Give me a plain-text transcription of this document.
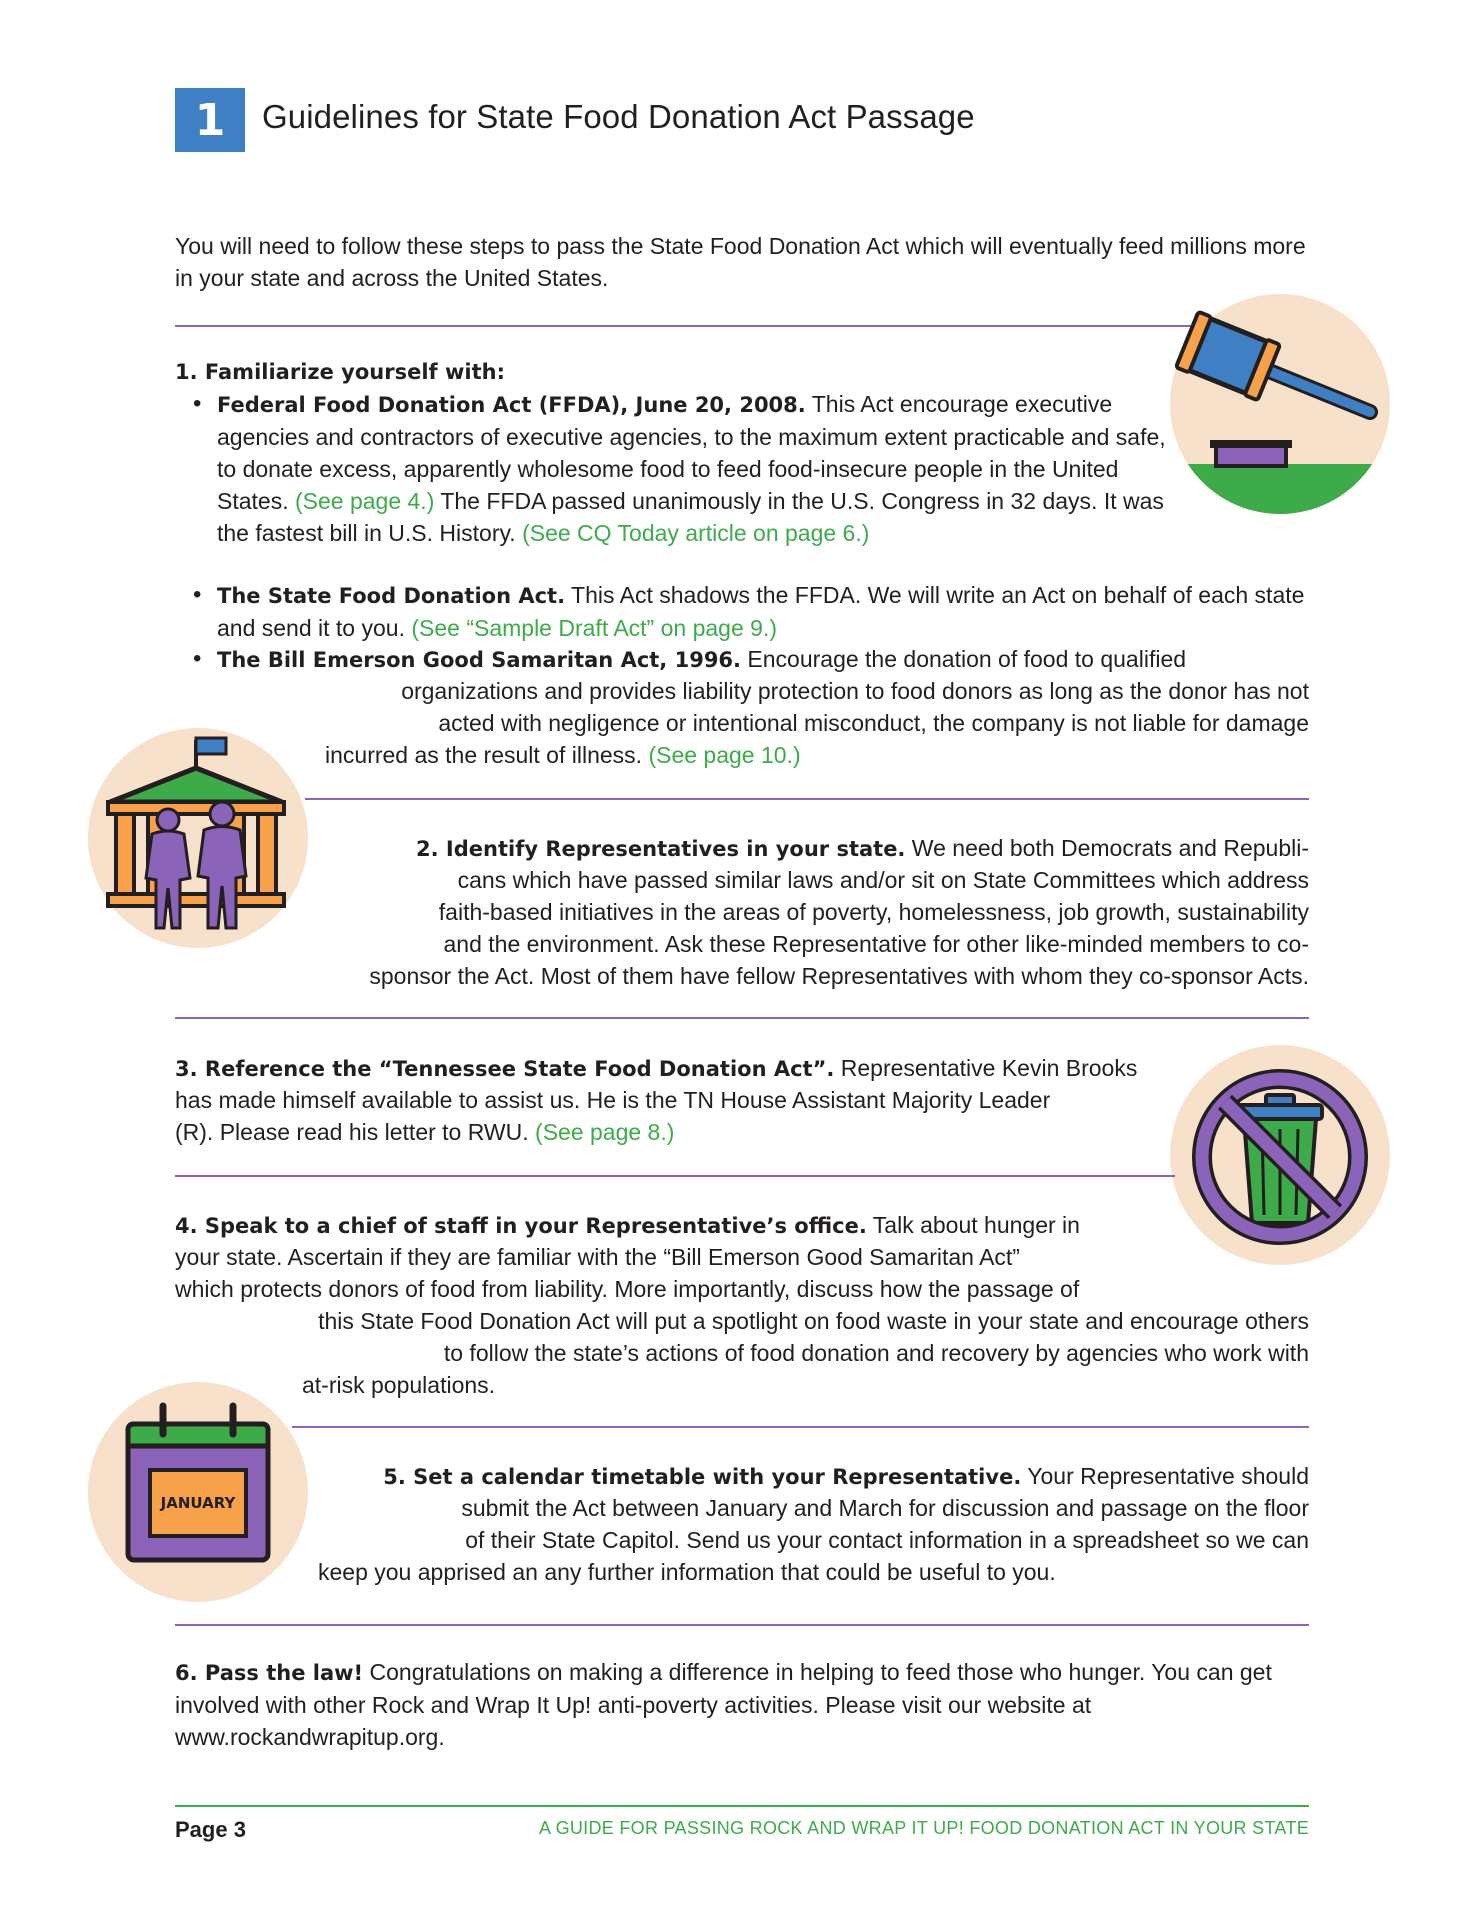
1	Guidelines for State Food Donation Act Passage
You will need to follow these steps to pass the State Food Donation Act which will eventually feed millions more in your state and across the United States.
1. Familiarize yourself with:
• Federal Food Donation Act (FFDA), June 20, 2008. This Act encourage executive agencies and contractors of executive agencies, to the maximum extent practicable and safe, to donate excess, apparently wholesome food to feed food-insecure people in the United States. (See page 4.) The FFDA passed unanimously in the U.S. Congress in 32 days. It was the fastest bill in U.S. History. (See CQ Today article on page 6.)
• The State Food Donation Act. This Act shadows the FFDA. We will write an Act on behalf of each state and send it to you. (See “Sample Draft Act” on page 9.)
• The Bill Emerson Good Samaritan Act, 1996. Encourage the donation of food to qualified
organizations and provides liability protection to food donors as long as the donor has not
acted with negligence or intentional misconduct, the company is not liable for damage
incurred as the result of illness. (See page 10.)
2. Identify Representatives in your state. We need both Democrats and Republi-
cans which have passed similar laws and/or sit on State Committees which address
faith-based initiatives in the areas of poverty, homelessness, job growth, sustainability
and the environment. Ask these Representative for other like-minded members to co-
sponsor the Act. Most of them have fellow Representatives with whom they co-sponsor Acts.
3. Reference the “Tennessee State Food Donation Act”. Representative Kevin Brooks
has made himself available to assist us. He is the TN House Assistant Majority Leader
(R). Please read his letter to RWU. (See page 8.)
4. Speak to a chief of staff in your Representative’s office. Talk about hunger in
your state. Ascertain if they are familiar with the “Bill Emerson Good Samaritan Act”
which protects donors of food from liability. More importantly, discuss how the passage of
this State Food Donation Act will put a spotlight on food waste in your state and encourage others
to follow the state’s actions of food donation and recovery by agencies who work with
at-risk populations.
JANUARY
5. Set a calendar timetable with your Representative. Your Representative should
submit the Act between January and March for discussion and passage on the floor
of their State Capitol. Send us your contact information in a spreadsheet so we can
keep you apprised an any further information that could be useful to you.
6. Pass the law! Congratulations on making a difference in helping to feed those who hunger. You can get involved with other Rock and Wrap It Up! anti-poverty activities. Please visit our website at www.rockandwrapitup.org.
Page 3	A GUIDE FOR PASSING ROCK AND WRAP IT UP! FOOD DONATION ACT IN YOUR STATE
